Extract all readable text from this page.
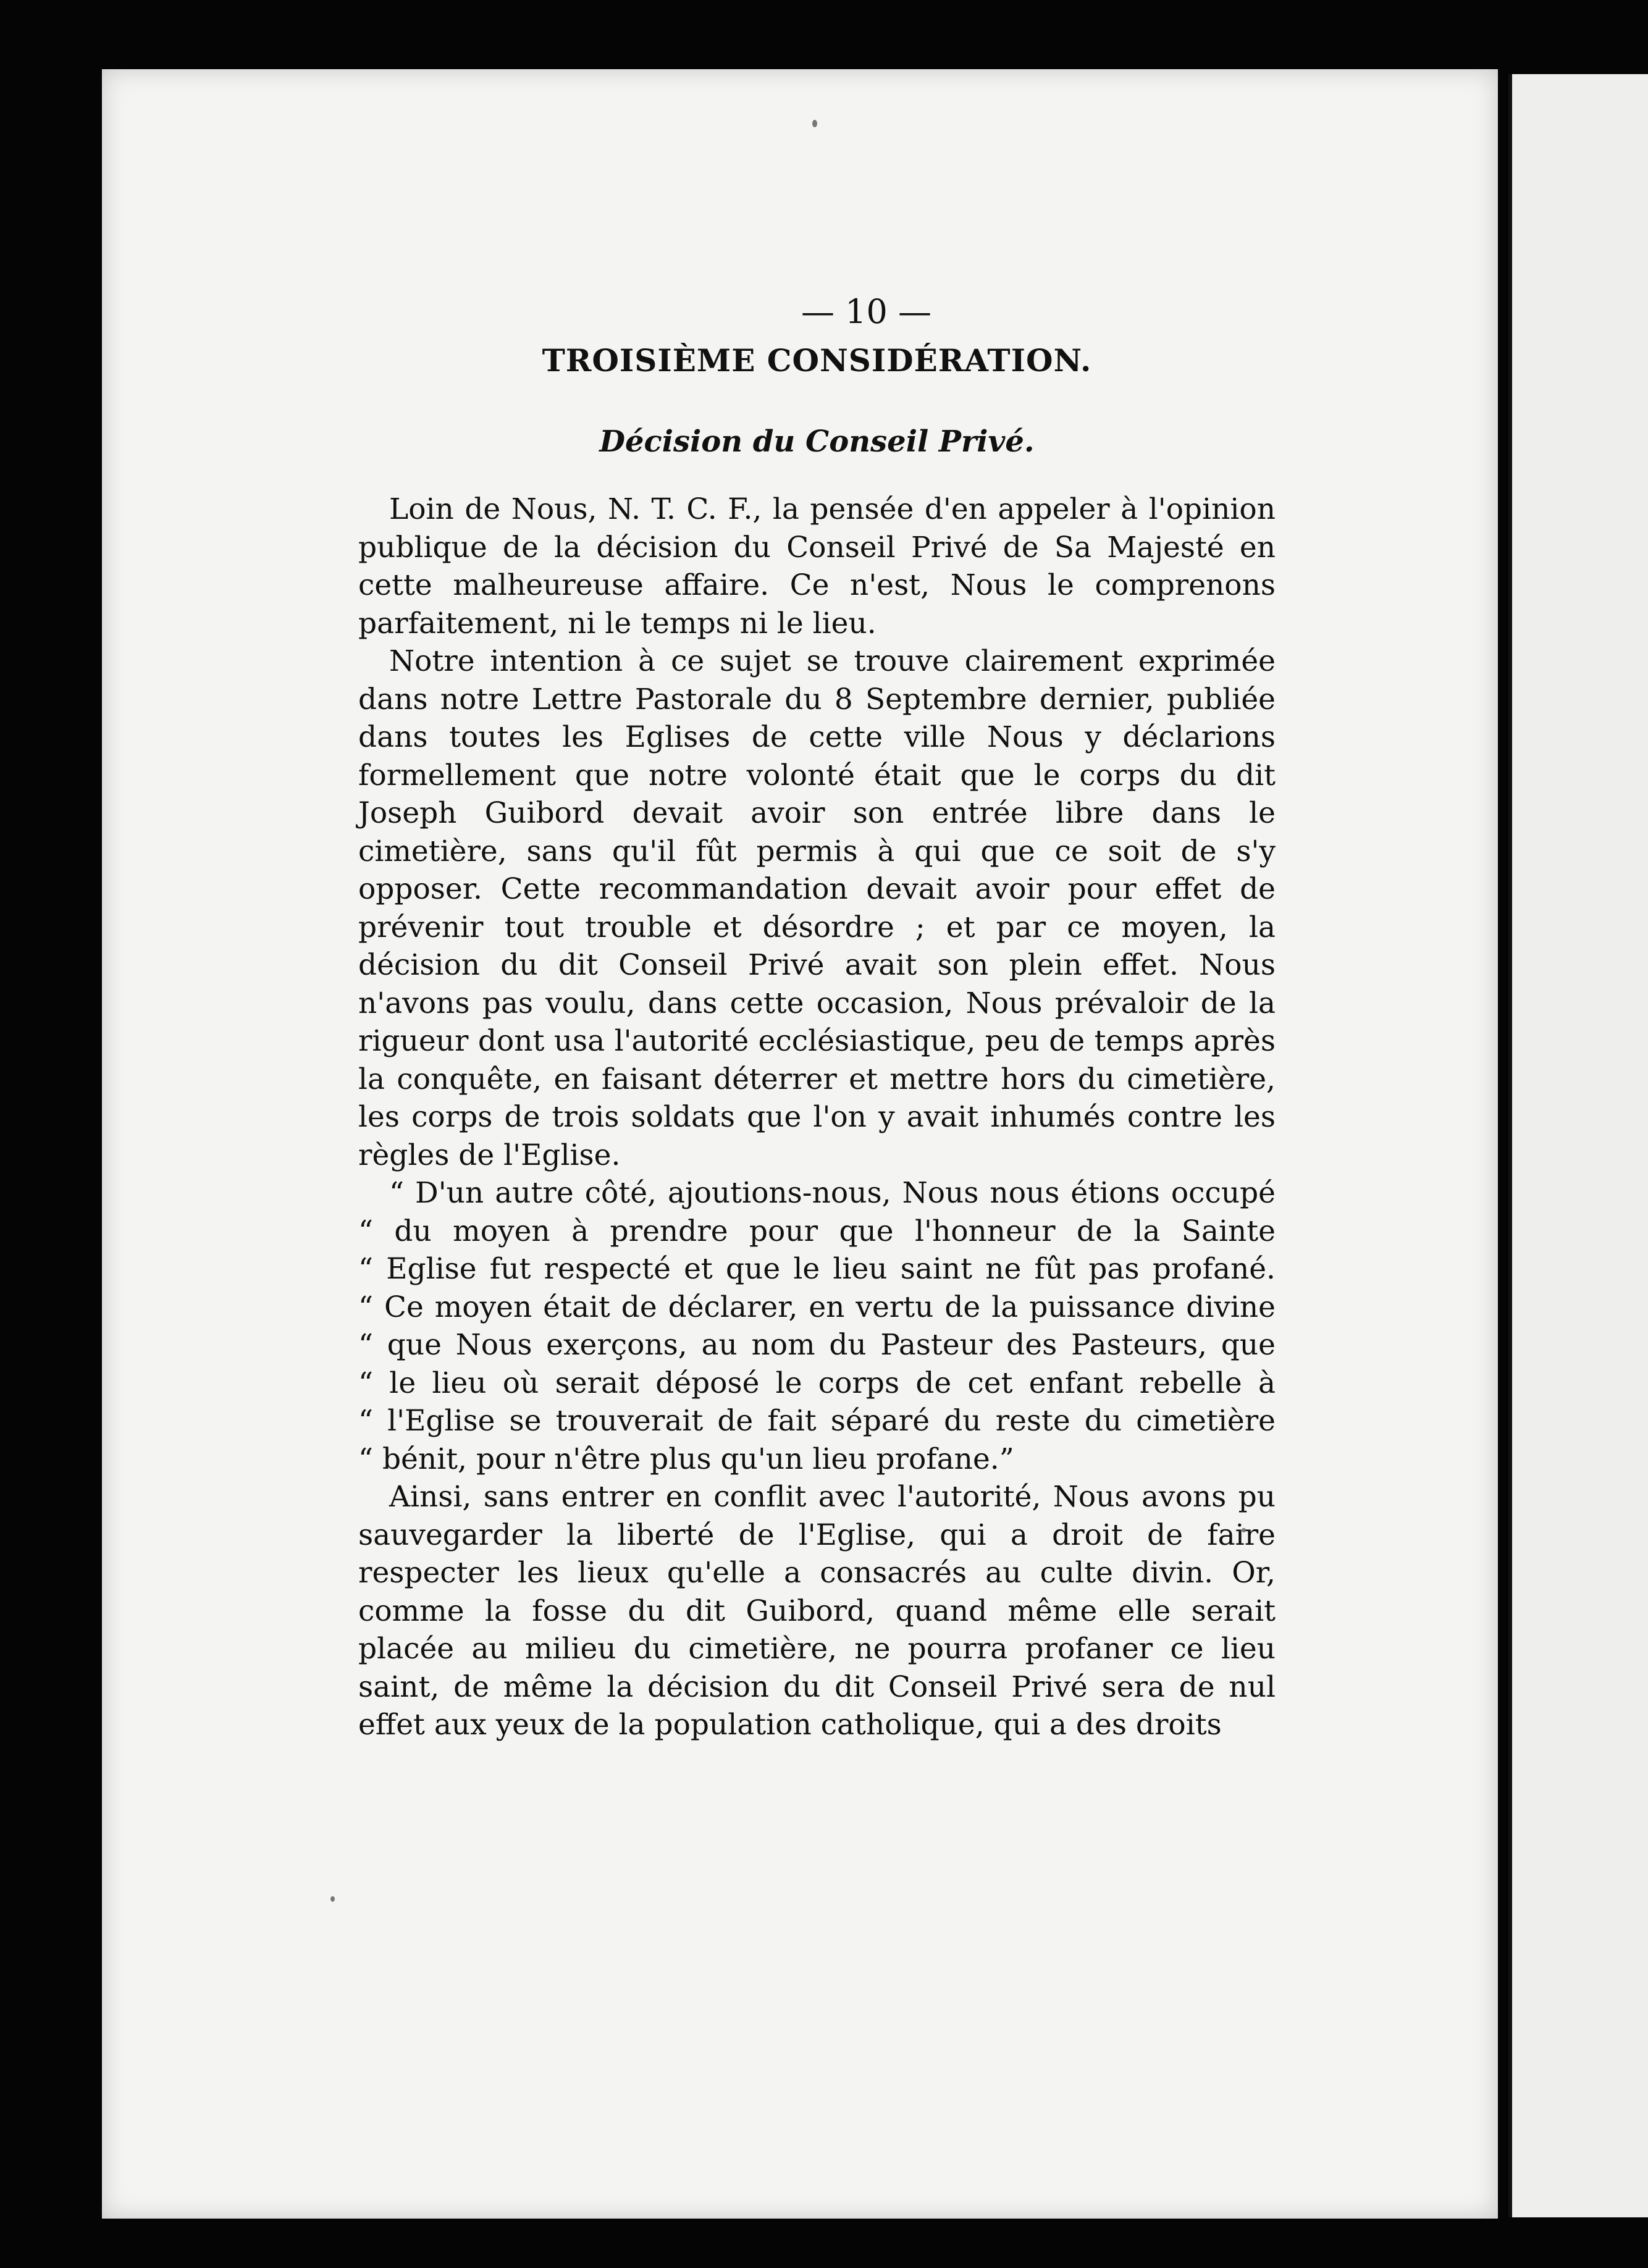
— 10 —
TROISIÈME CONSIDÉRATION.
Décision du Conseil Privé.

Loin de Nous, N. T. C. F., la pensée d'en appeler à l'opinion publique de la décision du Conseil Privé de Sa Majesté en cette malheureuse affaire. Ce n'est, Nous le comprenons parfaitement, ni le temps ni le lieu.

Notre intention à ce sujet se trouve clairement exprimée dans notre Lettre Pastorale du 8 Septembre dernier, publiée dans toutes les Eglises de cette ville Nous y déclarions formellement que notre volonté était que le corps du dit Joseph Guibord devait avoir son entrée libre dans le cimetière, sans qu'il fût permis à qui que ce soit de s'y opposer. Cette recommandation devait avoir pour effet de prévenir tout trouble et désordre ; et par ce moyen, la décision du dit Conseil Privé avait son plein effet. Nous n'avons pas voulu, dans cette occasion, Nous prévaloir de la rigueur dont usa l'autorité ecclésiastique, peu de temps après la conquête, en faisant déterrer et mettre hors du cimetière, les corps de trois soldats que l'on y avait inhumés contre les règles de l'Eglise.

“ D'un autre côté, ajoutions-nous, Nous nous étions occupé

“ du moyen à prendre pour que l'honneur de la Sainte

“ Eglise fut respecté et que le lieu saint ne fût pas profané.

“ Ce moyen était de déclarer, en vertu de la puissance divine

“ que Nous exerçons, au nom du Pasteur des Pasteurs, que

“ le lieu où serait déposé le corps de cet enfant rebelle à

“ l'Eglise se trouverait de fait séparé du reste du cimetière

“ bénit, pour n'être plus qu'un lieu profane.”

Ainsi, sans entrer en conflit avec l'autorité, Nous avons pu sauvegarder la liberté de l'Eglise, qui a droit de faire respecter les lieux qu'elle a consacrés au culte divin. Or, comme la fosse du dit Guibord, quand même elle serait placée au milieu du cimetière, ne pourra profaner ce lieu saint, de même la décision du dit Conseil Privé sera de nul effet aux yeux de la population catholique, qui a des droits
